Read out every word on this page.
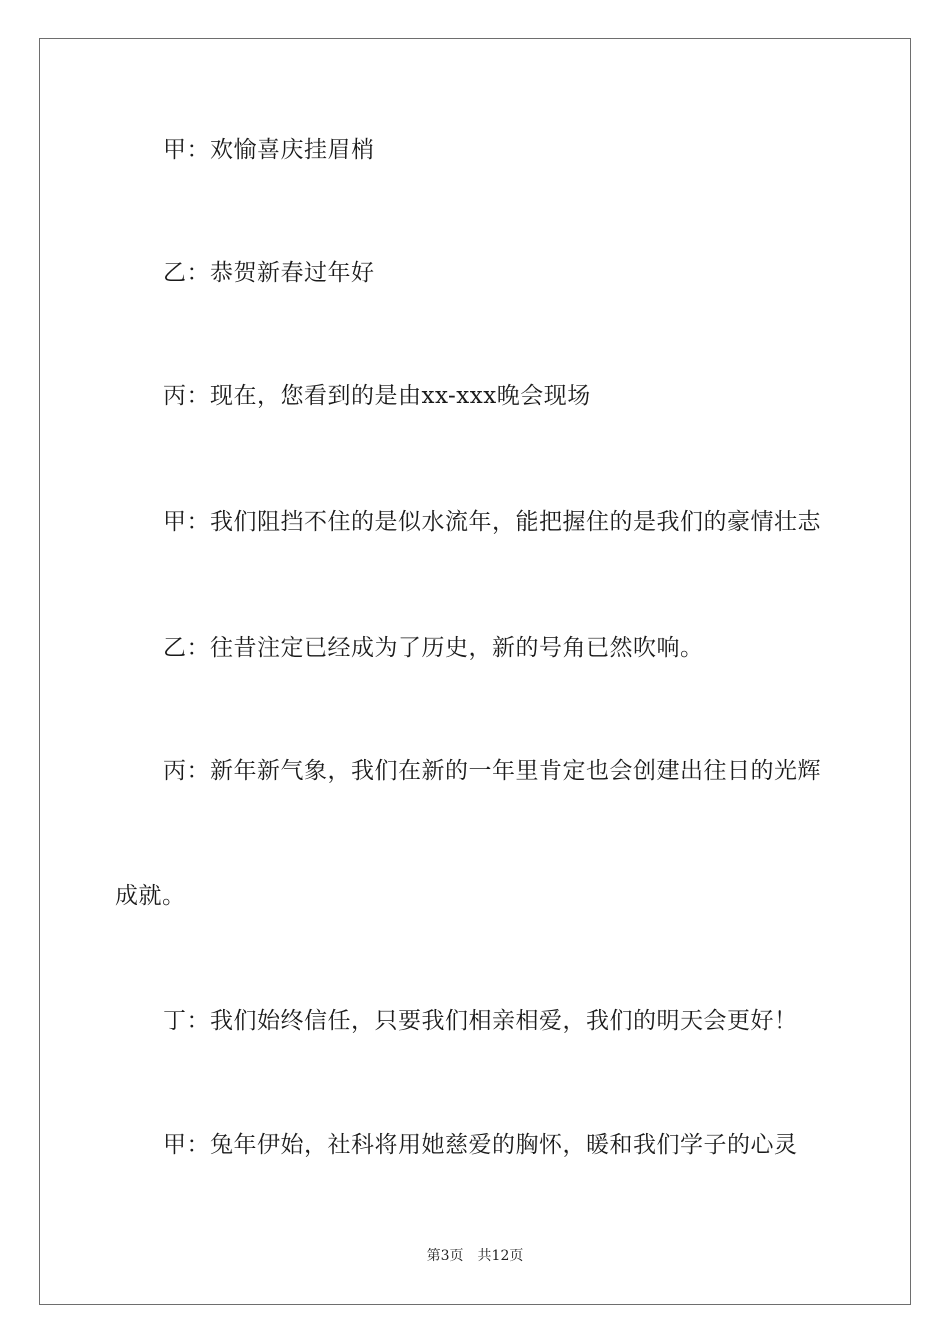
甲：欢愉喜庆挂眉梢
乙：恭贺新春过年好
丙：现在，您看到的是由xx-xxx晚会现场
甲：我们阻挡不住的是似水流年，能把握住的是我们的豪情壮志
乙：往昔注定已经成为了历史，新的号角已然吹响。
丙：新年新气象，我们在新的一年里肯定也会创建出往日的光辉
成就。
丁：我们始终信任，只要我们相亲相爱，我们的明天会更好！
甲：兔年伊始，社科将用她慈爱的胸怀，暖和我们学子的心灵
第3页　共12页
